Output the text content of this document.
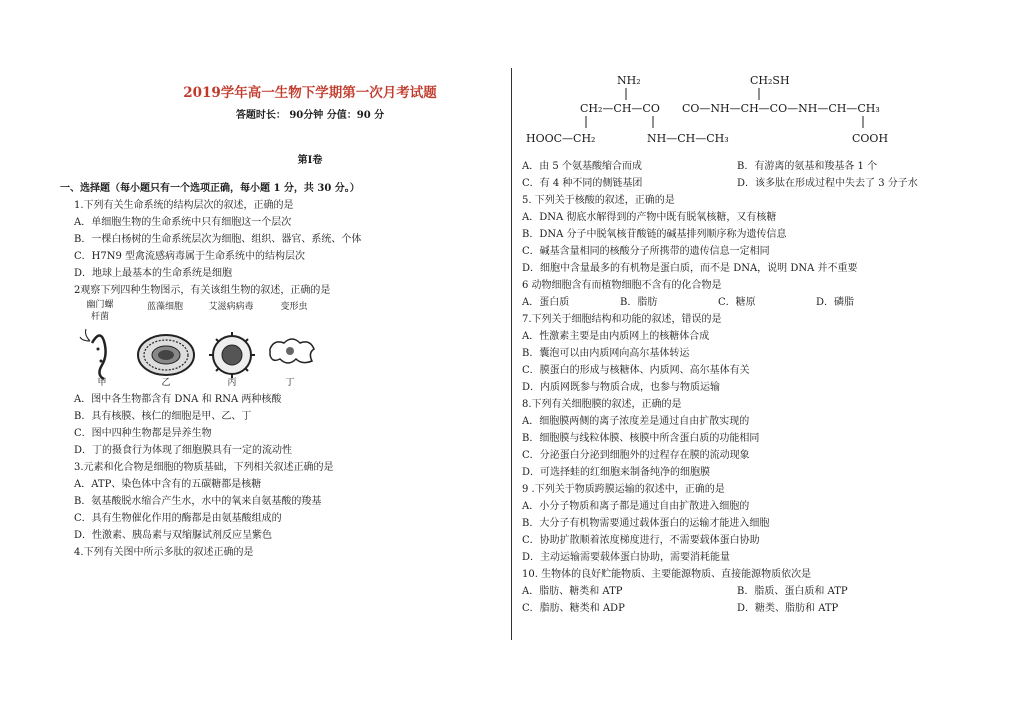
2019学年高一生物下学期第一次月考试题
答题时长： 90分钟 分值：90 分
第Ⅰ卷
一、选择题（每小题只有一个选项正确，每小题 1 分，共 30 分。）
1.下列有关生命系统的结构层次的叙述，正确的是
A．单细胞生物的生命系统中只有细胞这一个层次
B．一棵白杨树的生命系统层次为细胞、组织、器官、系统、个体
C．H7N9 型禽流感病毒属于生命系统中的结构层次
D．地球上最基本的生命系统是细胞
2观察下列四种生物图示，有关该组生物的叙述，正确的是
幽门螺
杆菌
蓝藻细胞	艾滋病病毒	变形虫
甲	乙	丙	丁
A．图中各生物都含有 DNA 和 RNA 两种核酸
B．具有核膜、核仁的细胞是甲、乙、丁
C．图中四种生物都是异养生物
D．丁的摄食行为体现了细胞膜具有一定的流动性
3.元素和化合物是细胞的物质基础，下列相关叙述正确的是
A．ATP、染色体中含有的五碳糖都是核糖
B．氨基酸脱水缩合产生水，水中的氧来自氨基酸的羧基
C．具有生物催化作用的酶都是由氨基酸组成的
D．性激素、胰岛素与双缩脲试剂反应呈紫色
4.下列有关图中所示多肽的叙述正确的是
NH₂	CH₂SH
CH₂—CH—CO CO—NH—CH—CO—NH—CH—CH₃
HOOC—CH₂	NH—CH—CH₃	COOH
A．由 5 个氨基酸缩合而成	B．有游离的氨基和羧基各 1 个
C．有 4 种不同的侧链基团	D．该多肽在形成过程中失去了 3 分子水
5. 下列关于核酸的叙述，正确的是
A．DNA 彻底水解得到的产物中既有脱氧核糖，又有核糖
B．DNA 分子中脱氧核苷酸链的碱基排列顺序称为遗传信息
C．碱基含量相同的核酸分子所携带的遗传信息一定相同
D．细胞中含量最多的有机物是蛋白质，而不是 DNA，说明 DNA 并不重要
6 动物细胞含有而植物细胞不含有的化合物是
A．蛋白质	B．脂肪	C．糖原	D．磷脂
7.下列关于细胞结构和功能的叙述，错误的是
A．性激素主要是由内质网上的核糖体合成
B．囊泡可以由内质网向高尔基体转运
C．膜蛋白的形成与核糖体、内质网、高尔基体有关
D．内质网既参与物质合成，也参与物质运输
8.下列有关细胞膜的叙述，正确的是
A．细胞膜两侧的离子浓度差是通过自由扩散实现的
B．细胞膜与线粒体膜、核膜中所含蛋白质的功能相同
C．分泌蛋白分泌到细胞外的过程存在膜的流动现象
D．可选择蛙的红细胞来制备纯净的细胞膜
9 .下列关于物质跨膜运输的叙述中，正确的是
A．小分子物质和离子都是通过自由扩散进入细胞的
B．大分子有机物需要通过载体蛋白的运输才能进入细胞
C．协助扩散顺着浓度梯度进行，不需要载体蛋白协助
D．主动运输需要载体蛋白协助，需要消耗能量
10. 生物体的良好贮能物质、主要能源物质、直接能源物质依次是
A．脂肪、糖类和 ATP	B．脂质、蛋白质和 ATP
C．脂肪、糖类和 ADP	D．糖类、脂肪和 ATP
